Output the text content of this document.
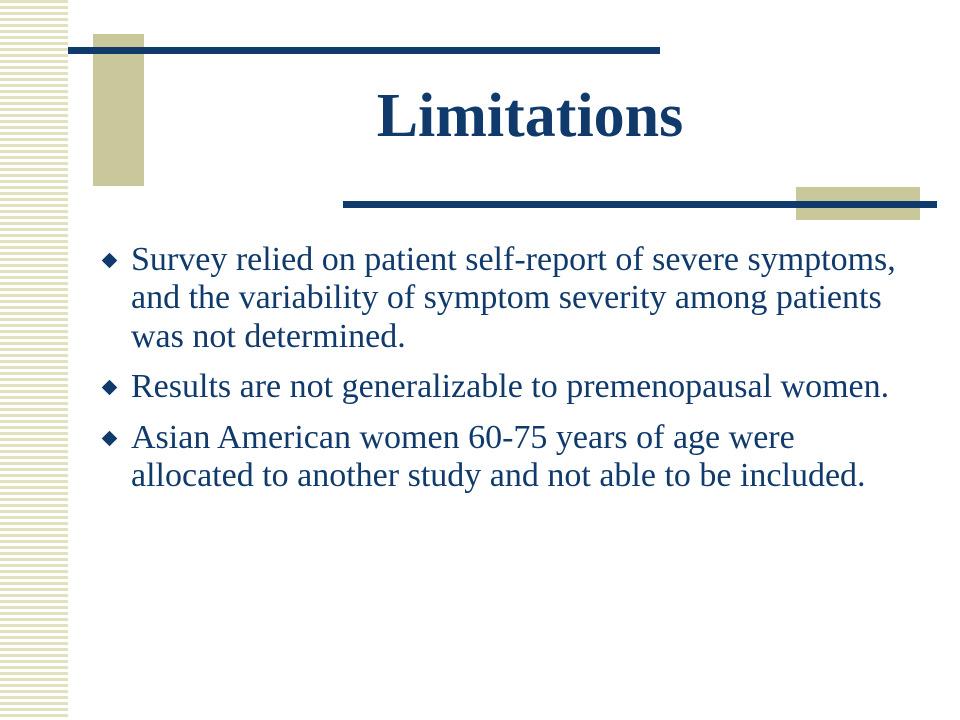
Limitations
Survey relied on patient self-report of severe symptoms, and the variability of symptom severity among patients was not determined.
Results are not generalizable to premenopausal women.
Asian American women 60-75 years of age were allocated to another study and not able to be included.
